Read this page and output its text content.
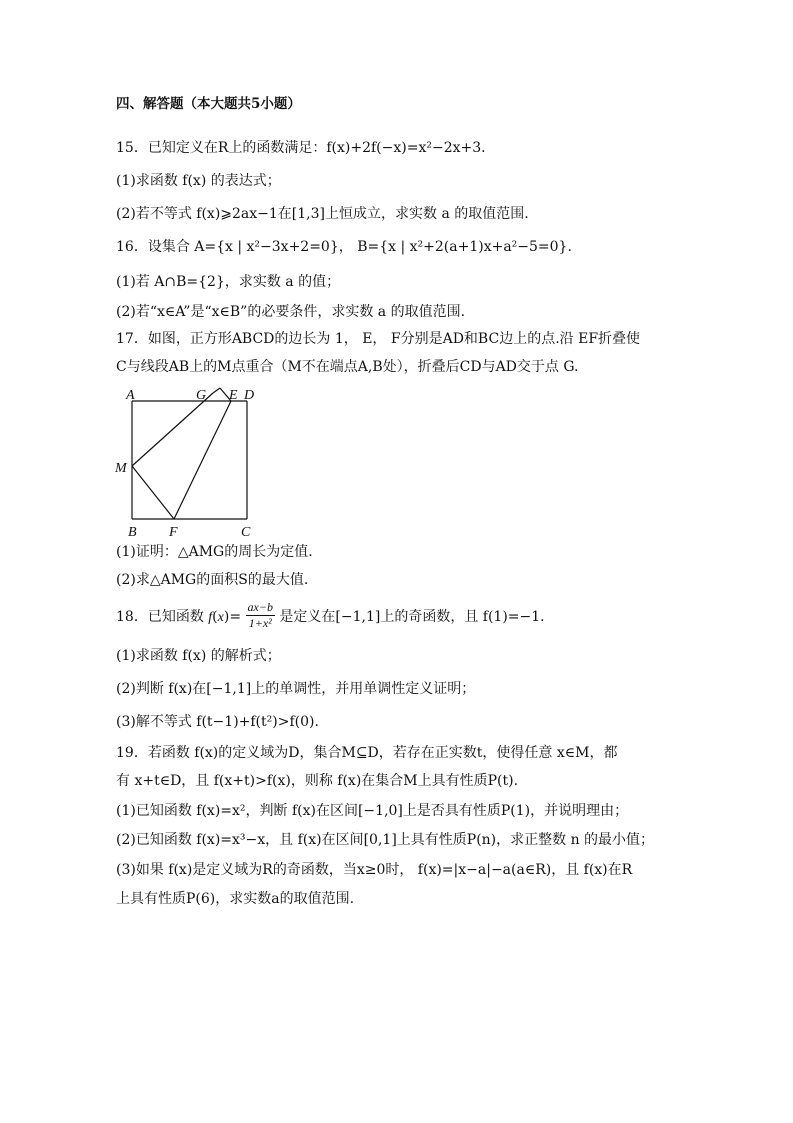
四、解答题（本大题共5小题）
15．已知定义在R上的函数满足：f(x)+2f(−x)=x²−2x+3．
(1)求函数 f(x) 的表达式；
(2)若不等式 f(x)⩾2ax−1在[1,3]上恒成立，求实数 a 的取值范围.
16．设集合 A={x | x²−3x+2=0}， B={x | x²+2(a+1)x+a²−5=0}.
(1)若 A∩B={2}，求实数 a 的值；
(2)若“x∈A”是“x∈B”的必要条件，求实数 a 的取值范围.
17．如图，正方形ABCD的边长为 1， E， F分别是AD和BC边上的点.沿 EF折叠使
C与线段AB上的M点重合（M不在端点A,B处），折叠后CD与AD交于点 G.
A	G E D
M
B F	C
(1)证明：△AMG的周长为定值.
(2)求△AMG的面积S的最大值.
18．已知函数 $f(x)= \frac{ax-b}{\text{1+x²}}$ 是定义在[−1,1]上的奇函数，且 f(1)=−1．
(1)求函数 f(x) 的解析式；
(2)判断 f(x)在[−1,1]上的单调性，并用单调性定义证明；
(3)解不等式 f(t−1)+f(t²)>f(0)．
19．若函数 f(x)的定义域为D，集合M⊆D，若存在正实数t，使得任意 x∈M，都
有 x+t∈D，且 f(x+t)>f(x)，则称 f(x)在集合M上具有性质P(t).
(1)已知函数 f(x)=x²，判断 f(x)在区间[−1,0]上是否具有性质P(1)，并说明理由；
(2)已知函数 f(x)=x³−x，且 f(x)在区间[0,1]上具有性质P(n)，求正整数 n 的最小值；
(3)如果 f(x)是定义域为R的奇函数，当x≥0时， f(x)=|x−a|−a(a∈R)，且 f(x)在R
上具有性质P(6)，求实数a的取值范围.
